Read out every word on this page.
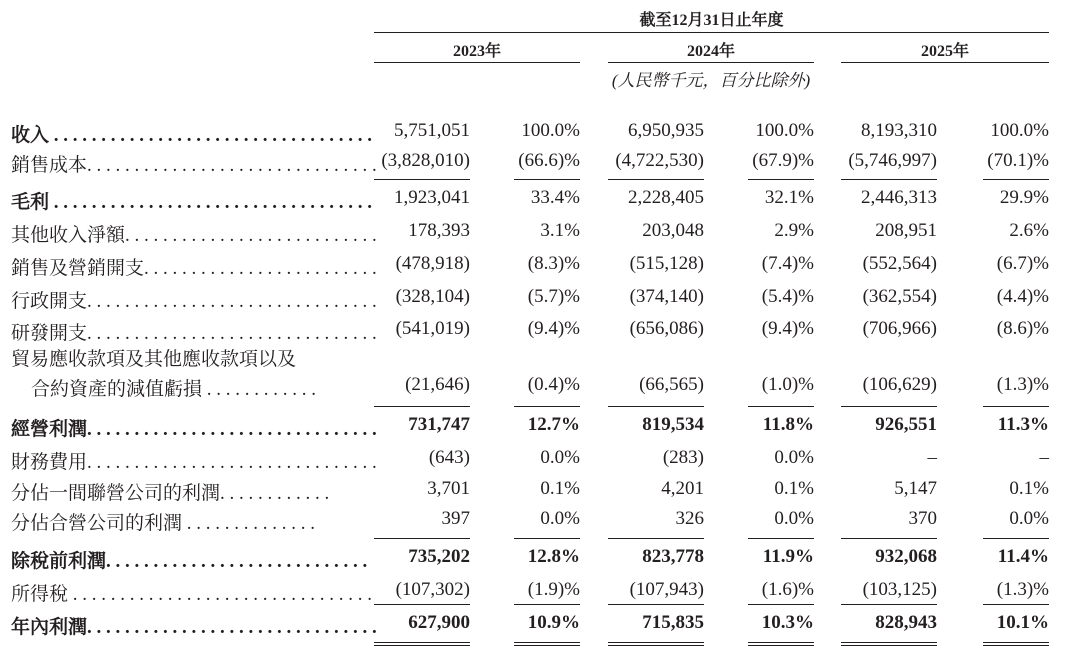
截至12月31日止年度
2023年	2024年	2025年
(人民幣千元，百分比除外)
收入 . . . . . . . . . . . . . . . . . . . . . . . . . . . . . . . . . .	5,751,051	100.0%	6,950,935	100.0%	8,193,310	100.0%
銷售成本. . . . . . . . . . . . . . . . . . . . . . . . . . . . . . . (3,828,010)	(66.6)%	(4,722,530)	(67.9)%	(5,746,997)	(70.1)%
毛利 . . . . . . . . . . . . . . . . . . . . . . . . . . . . . . . . . .	1,923,041	33.4%	2,228,405	32.1%	2,446,313	29.9%
其他收入淨額. . . . . . . . . . . . . . . . . . . . . . . . . . .	178,393	3.1%	203,048	2.9%	208,951	2.6%
銷售及營銷開支. . . . . . . . . . . . . . . . . . . . . . . . . (478,918)	(8.3)%	(515,128)	(7.4)%	(552,564)	(6.7)%
行政開支. . . . . . . . . . . . . . . . . . . . . . . . . . . . . . . (328,104)	(5.7)%	(374,140)	(5.4)%	(362,554)	(4.4)%
研發開支. . . . . . . . . . . . . . . . . . . . . . . . . . . . . . . (541,019)	(9.4)%	(656,086)	(9.4)%	(706,966)	(8.6)%
貿易應收款項及其他應收款項以及
合約資產的減值虧損 . . . . . . . . . . . .	(21,646)	(0.4)%	(66,565)	(1.0)%	(106,629)	(1.3)%
經營利潤. . . . . . . . . . . . . . . . . . . . . . . . . . . . . . .	731,747	12.7%	819,534	11.8%	926,551	11.3%
財務費用. . . . . . . . . . . . . . . . . . . . . . . . . . . . . . .	(643)	0.0%	(283)	0.0%	–	–
分佔一間聯營公司的利潤. . . . . . . . . . . .	3,701	0.1%	4,201	0.1%	5,147	0.1%
分佔合營公司的利潤 . . . . . . . . . . . . . .	397	0.0%	326	0.0%	370	0.0%
除稅前利潤. . . . . . . . . . . . . . . . . . . . . . . . . . . .	735,202	12.8%	823,778	11.9%	932,068	11.4%
所得稅 . . . . . . . . . . . . . . . . . . . . . . . . . . . . . . . .	(107,302)	(1.9)%	(107,943)	(1.6)%	(103,125)	(1.3)%
年內利潤. . . . . . . . . . . . . . . . . . . . . . . . . . . . . . .	627,900	10.9%	715,835	10.3%	828,943	10.1%
